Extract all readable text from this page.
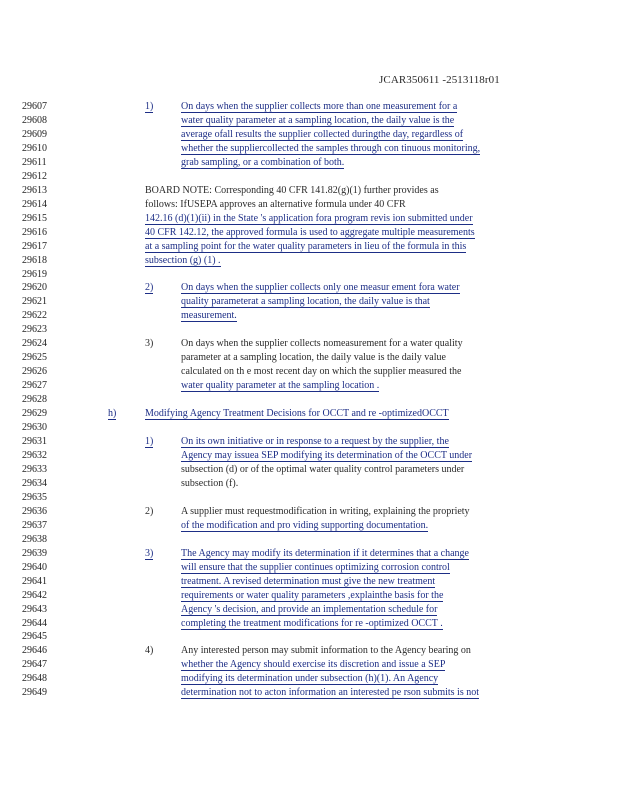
JCAR350611 -2513118r01
29607
29608
29609
29610
29611
29612
29613
29614
29615
29616
29617
29618
29619
29620
29621
29622
29623
29624
29625
29626
29627
29628
29629
29630
29631
29632
29633
29634
29635
29636
29637
29638
29639
29640
29641
29642
29643
29644
29645
29646
29647
29648
29649
1)	On days when the supplier collects more than one measurement for a
water quality parameter at a sampling location, the daily value is the
average ofall results the supplier collected duringthe day, regardless of
whether the suppliercollected the samples through con tinuous monitoring,
grab sampling, or a combination of both.
BOARD NOTE: Corresponding 40 CFR 141.82(g)(1) further provides as
follows: IfUSEPA approves an alternative formula under 40 CFR
142.16 (d)(1)(ii) in the State 's application fora program revis ion submitted under
40 CFR 142.12, the approved formula is used to aggregate multiple measurements
at a sampling point for the water quality parameters in lieu of the formula in this
subsection (g) (1) .
2)	On days when the supplier collects only one measur ement fora water
quality parameterat a sampling location, the daily value is that
measurement.
3)	On days when the supplier collects nomeasurement for a water quality
parameter at a sampling location, the daily value is the daily value
calculated on th e most recent day on which the supplier measured the
water quality parameter at the sampling location .
1)	On its own initiative or in response to a request by the supplier, the
Agency may issuea SEP modifying its determination of the OCCT under
subsection (d) or of the optimal water quality control parameters under
subsection (f).
2)	A supplier must requestmodification in writing, explaining the propriety
of the modification and pro viding supporting documentation.
3)	The Agency may modify its determination if it determines that a change
will ensure that the supplier continues optimizing corrosion control
treatment. A revised determination must give the new treatment
requirements or water quality parameters ,explainthe basis for the
Agency 's decision, and provide an implementation schedule for
completing the treatment modifications for re -optimized OCCT .
4)	Any interested person may submit information to the Agency bearing on
whether the Agency should exercise its discretion and issue a SEP
modifying its determination under subsection (h)(1). An Agency
determination not to acton information an interested pe rson submits is not
h)	Modifying Agency Treatment Decisions for OCCT and re -optimizedOCCT
